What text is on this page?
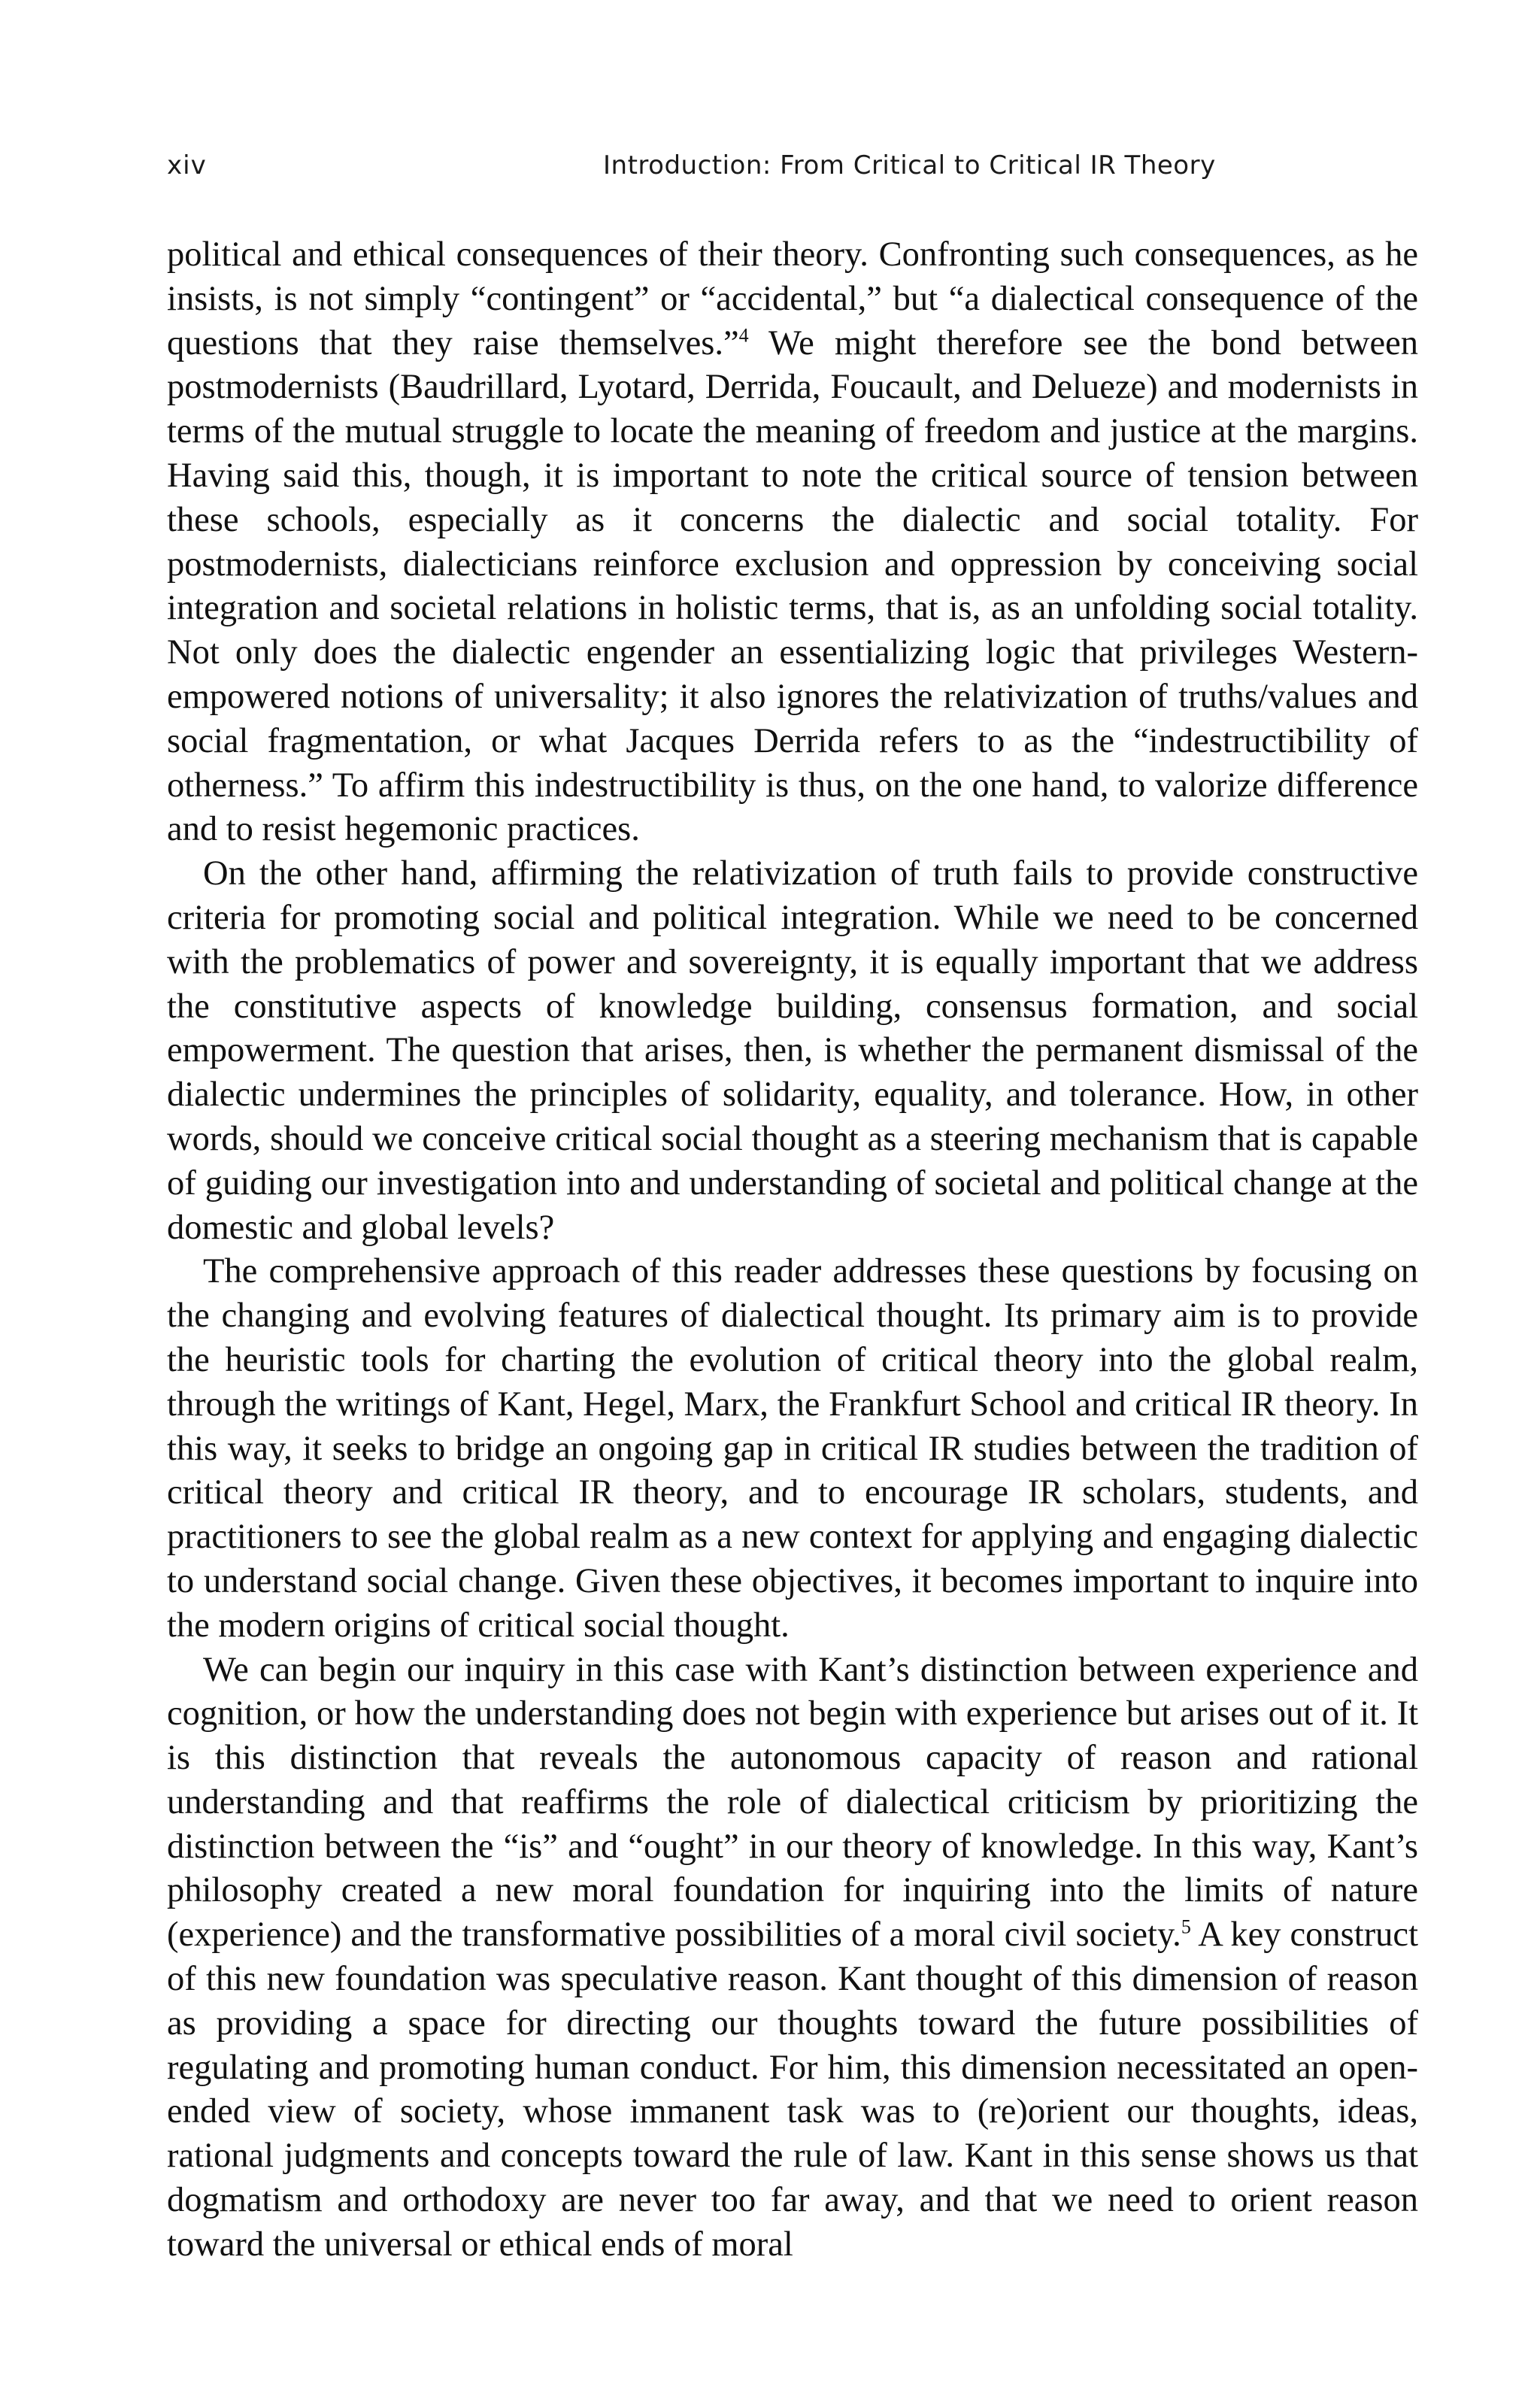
xiv	Introduction: From Critical to Critical IR Theory

political and ethical consequences of their theory. Confronting such consequences, as he insists, is not simply “contingent” or “accidental,” but “a dialectical consequence of the questions that they raise themselves.”$^4$ We might therefore see the bond between postmodernists (Baudrillard, Lyotard, Derrida, Foucault, and Delueze) and modernists in terms of the mutual struggle to locate the meaning of freedom and justice at the margins. Having said this, though, it is important to note the critical source of tension between these schools, especially as it concerns the dialectic and social totality. For postmodernists, dialecticians reinforce exclusion and oppression by conceiving social integration and societal relations in holistic terms, that is, as an unfolding social totality. Not only does the dialectic engender an essentializing logic that privileges Western-empowered notions of universality; it also ignores the relativization of truths/values and social fragmentation, or what Jacques Derrida refers to as the “indestructibility of otherness.” To affirm this indestructibility is thus, on the one hand, to valorize difference and to resist hegemonic practices.

On the other hand, affirming the relativization of truth fails to provide constructive criteria for promoting social and political integration. While we need to be concerned with the problematics of power and sovereignty, it is equally important that we address the constitutive aspects of knowledge building, consensus formation, and social empowerment. The question that arises, then, is whether the permanent dismissal of the dialectic undermines the principles of solidarity, equality, and tolerance. How, in other words, should we conceive critical social thought as a steering mechanism that is capable of guiding our investigation into and understanding of societal and political change at the domestic and global levels?

The comprehensive approach of this reader addresses these questions by focusing on the changing and evolving features of dialectical thought. Its primary aim is to provide the heuristic tools for charting the evolution of critical theory into the global realm, through the writings of Kant, Hegel, Marx, the Frankfurt School and critical IR theory. In this way, it seeks to bridge an ongoing gap in critical IR studies between the tradition of critical theory and critical IR theory, and to encourage IR scholars, students, and practitioners to see the global realm as a new context for applying and engaging dialectic to understand social change. Given these objectives, it becomes important to inquire into the modern origins of critical social thought.

We can begin our inquiry in this case with Kant’s distinction between experience and cognition, or how the understanding does not begin with experience but arises out of it. It is this distinction that reveals the autonomous capacity of reason and rational understanding and that reaffirms the role of dialectical criticism by prioritizing the distinction between the “is” and “ought” in our theory of knowledge. In this way, Kant’s philosophy created a new moral foundation for inquiring into the limits of nature (experience) and the transformative possibilities of a moral civil society.$^5$ A key construct of this new foundation was speculative reason. Kant thought of this dimension of reason as providing a space for directing our thoughts toward the future possibilities of regulating and promoting human conduct. For him, this dimension necessitated an open-ended view of society, whose immanent task was to (re)orient our thoughts, ideas, rational judgments and concepts toward the rule of law. Kant in this sense shows us that dogmatism and orthodoxy are never too far away, and that we need to orient reason toward the universal or ethical ends of moral
